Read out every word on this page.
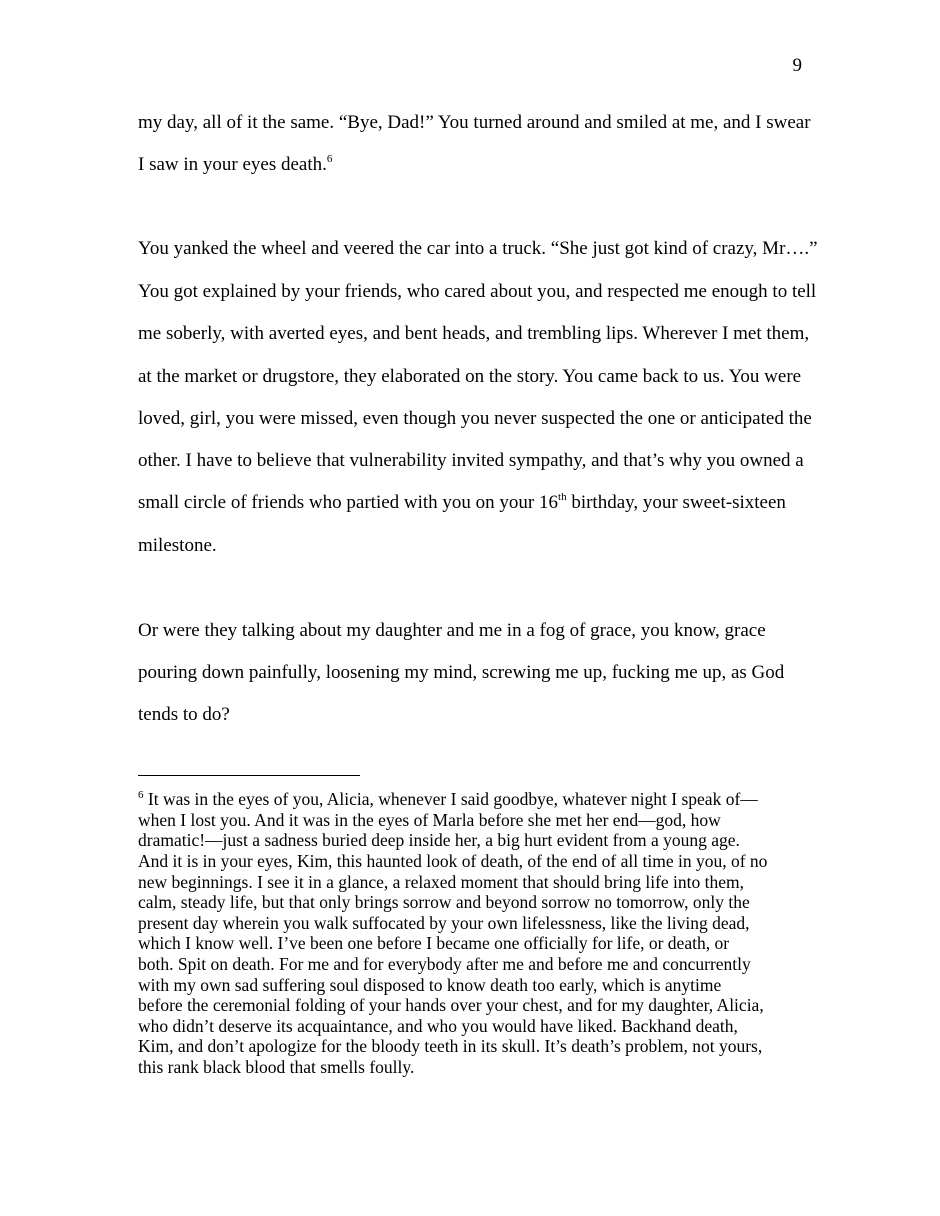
9
my day, all of it the same. “Bye, Dad!” You turned around and smiled at me, and I swear
I saw in your eyes death.$^6$
You yanked the wheel and veered the car into a truck. “She just got kind of crazy, Mr….”
You got explained by your friends, who cared about you, and respected me enough to tell
me soberly, with averted eyes, and bent heads, and trembling lips. Wherever I met them,
at the market or drugstore, they elaborated on the story. You came back to us. You were
loved, girl, you were missed, even though you never suspected the one or anticipated the
other. I have to believe that vulnerability invited sympathy, and that’s why you owned a
small circle of friends who partied with you on your 16th birthday, your sweet-sixteen
milestone.
Or were they talking about my daughter and me in a fog of grace, you know, grace
pouring down painfully, loosening my mind, screwing me up, fucking me up, as God
tends to do?
$^6$ It was in the eyes of you, Alicia, whenever I said goodbye, whatever night I speak of—
when I lost you. And it was in the eyes of Marla before she met her end—god, how
dramatic!—just a sadness buried deep inside her, a big hurt evident from a young age.
And it is in your eyes, Kim, this haunted look of death, of the end of all time in you, of no
new beginnings. I see it in a glance, a relaxed moment that should bring life into them,
calm, steady life, but that only brings sorrow and beyond sorrow no tomorrow, only the
present day wherein you walk suffocated by your own lifelessness, like the living dead,
which I know well. I’ve been one before I became one officially for life, or death, or
both. Spit on death. For me and for everybody after me and before me and concurrently
with my own sad suffering soul disposed to know death too early, which is anytime
before the ceremonial folding of your hands over your chest, and for my daughter, Alicia,
who didn’t deserve its acquaintance, and who you would have liked. Backhand death,
Kim, and don’t apologize for the bloody teeth in its skull. It’s death’s problem, not yours,
this rank black blood that smells foully.
